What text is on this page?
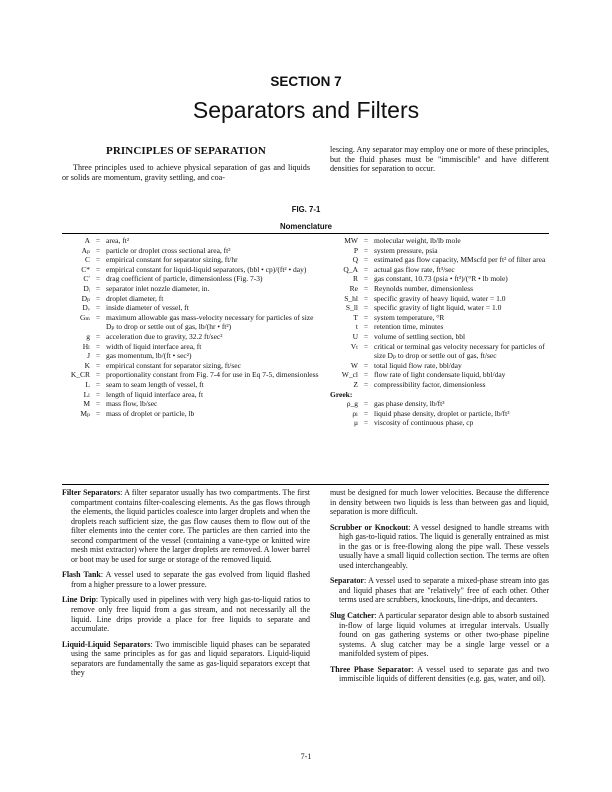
SECTION 7
Separators and Filters
PRINCIPLES OF SEPARATION

Three principles used to achieve physical separation of gas and liquids or solids are momentum, gravity settling, and coa-

lescing. Any separator may employ one or more of these principles, but the fluid phases must be "immiscible" and have different densities for separation to occur.

FIG. 7-1
Nomenclature
A = area, ft²
Aₚ = particle or droplet cross sectional area, ft²
C = empirical constant for separator sizing, ft/hr
C* = empirical constant for liquid-liquid separators, (bbl • cp)/(ft² • day)
C′ = drag coefficient of particle, dimensionless (Fig. 7-3)
Dᵢ = separator inlet nozzle diameter, in.
Dₚ = droplet diameter, ft
Dᵥ = inside diameter of vessel, ft
Gₘ = maximum allowable gas mass-velocity necessary for particles of size Dₚ to drop or settle out of gas, lb/(hr • ft²)
g = acceleration due to gravity, 32.2 ft/sec²
Hₗ = width of liquid interface area, ft
J = gas momentum, lb/(ft • sec²)
K = empirical constant for separator sizing, ft/sec
K_CR = proportionality constant from Fig. 7-4 for use in Eq 7-5, dimensionless
L = seam to seam length of vessel, ft
Lₗ = length of liquid interface area, ft
M = mass flow, lb/sec
Mₚ = mass of droplet or particle, lb
MW = molecular weight, lb/lb mole
P = system pressure, psia
Q = estimated gas flow capacity, MMscfd per ft² of filter area
Q_A = actual gas flow rate, ft³/sec
R = gas constant, 10.73 (psia • ft³)/(°R • lb mole)
Re = Reynolds number, dimensionless
S_hl = specific gravity of heavy liquid, water = 1.0
S_ll = specific gravity of light liquid, water = 1.0
T = system temperature, °R
t = retention time, minutes
U = volume of settling section, bbl
Vₜ = critical or terminal gas velocity necessary for particles of size Dₚ to drop or settle out of gas, ft/sec
W = total liquid flow rate, bbl/day
W_cl = flow rate of light condensate liquid, bbl/day
Z = compressibility factor, dimensionless
Greek:
ρ_g = gas phase density, lb/ft³
ρₗ = liquid phase density, droplet or particle, lb/ft³
μ = viscosity of continuous phase, cp

Filter Separators: A filter separator usually has two compartments. The first compartment contains filter-coalescing elements. As the gas flows through the elements, the liquid particles coalesce into larger droplets and when the droplets reach sufficient size, the gas flow causes them to flow out of the filter elements into the center core. The particles are then carried into the second compartment of the vessel (containing a vane-type or knitted wire mesh mist extractor) where the larger droplets are removed. A lower barrel or boot may be used for surge or storage of the removed liquid.

Flash Tank: A vessel used to separate the gas evolved from liquid flashed from a higher pressure to a lower pressure.

Line Drip: Typically used in pipelines with very high gas-to-liquid ratios to remove only free liquid from a gas stream, and not necessarily all the liquid. Line drips provide a place for free liquids to separate and accumulate.

Liquid-Liquid Separators: Two immiscible liquid phases can be separated using the same principles as for gas and liquid separators. Liquid-liquid separators are fundamentally the same as gas-liquid separators except that they

must be designed for much lower velocities. Because the difference in density between two liquids is less than between gas and liquid, separation is more difficult.

Scrubber or Knockout: A vessel designed to handle streams with high gas-to-liquid ratios. The liquid is generally entrained as mist in the gas or is free-flowing along the pipe wall. These vessels usually have a small liquid collection section. The terms are often used interchangeably.

Separator: A vessel used to separate a mixed-phase stream into gas and liquid phases that are "relatively" free of each other. Other terms used are scrubbers, knockouts, line-drips, and decanters.

Slug Catcher: A particular separator design able to absorb sustained in-flow of large liquid volumes at irregular intervals. Usually found on gas gathering systems or other two-phase pipeline systems. A slug catcher may be a single large vessel or a manifolded system of pipes.

Three Phase Separator: A vessel used to separate gas and two immiscible liquids of different densities (e.g. gas, water, and oil).

7-1
